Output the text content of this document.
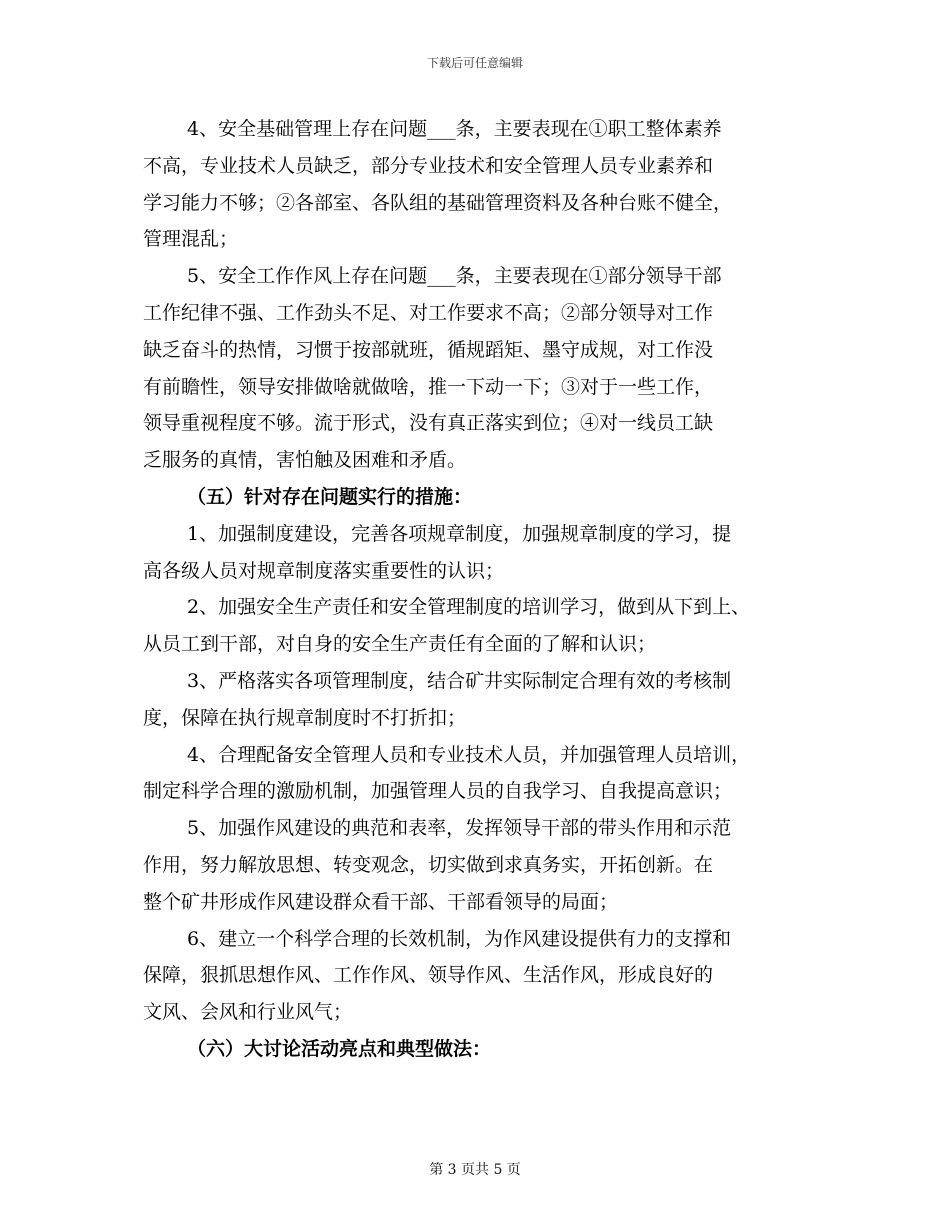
下载后可任意编辑
4、安全基础管理上存在问题___条，主要表现在①职工整体素养
不高，专业技术人员缺乏，部分专业技术和安全管理人员专业素养和
学习能力不够；②各部室、各队组的基础管理资料及各种台账不健全，
管理混乱；
5、安全工作作风上存在问题___条，主要表现在①部分领导干部
工作纪律不强、工作劲头不足、对工作要求不高；②部分领导对工作
缺乏奋斗的热情，习惯于按部就班，循规蹈矩、墨守成规，对工作没
有前瞻性，领导安排做啥就做啥，推一下动一下；③对于一些工作，
领导重视程度不够。流于形式，没有真正落实到位；④对一线员工缺
乏服务的真情，害怕触及困难和矛盾。
（五）针对存在问题实行的措施：
1、加强制度建设，完善各项规章制度，加强规章制度的学习，提
高各级人员对规章制度落实重要性的认识；
2、加强安全生产责任和安全管理制度的培训学习，做到从下到上、
从员工到干部，对自身的安全生产责任有全面的了解和认识；
3、严格落实各项管理制度，结合矿井实际制定合理有效的考核制
度，保障在执行规章制度时不打折扣；
4、合理配备安全管理人员和专业技术人员，并加强管理人员培训，
制定科学合理的激励机制，加强管理人员的自我学习、自我提高意识；
5、加强作风建设的典范和表率，发挥领导干部的带头作用和示范
作用，努力解放思想、转变观念，切实做到求真务实，开拓创新。在
整个矿井形成作风建设群众看干部、干部看领导的局面；
6、建立一个科学合理的长效机制，为作风建设提供有力的支撑和
保障，狠抓思想作风、工作作风、领导作风、生活作风，形成良好的
文风、会风和行业风气；
（六）大讨论活动亮点和典型做法：
第 3 页共 5 页
